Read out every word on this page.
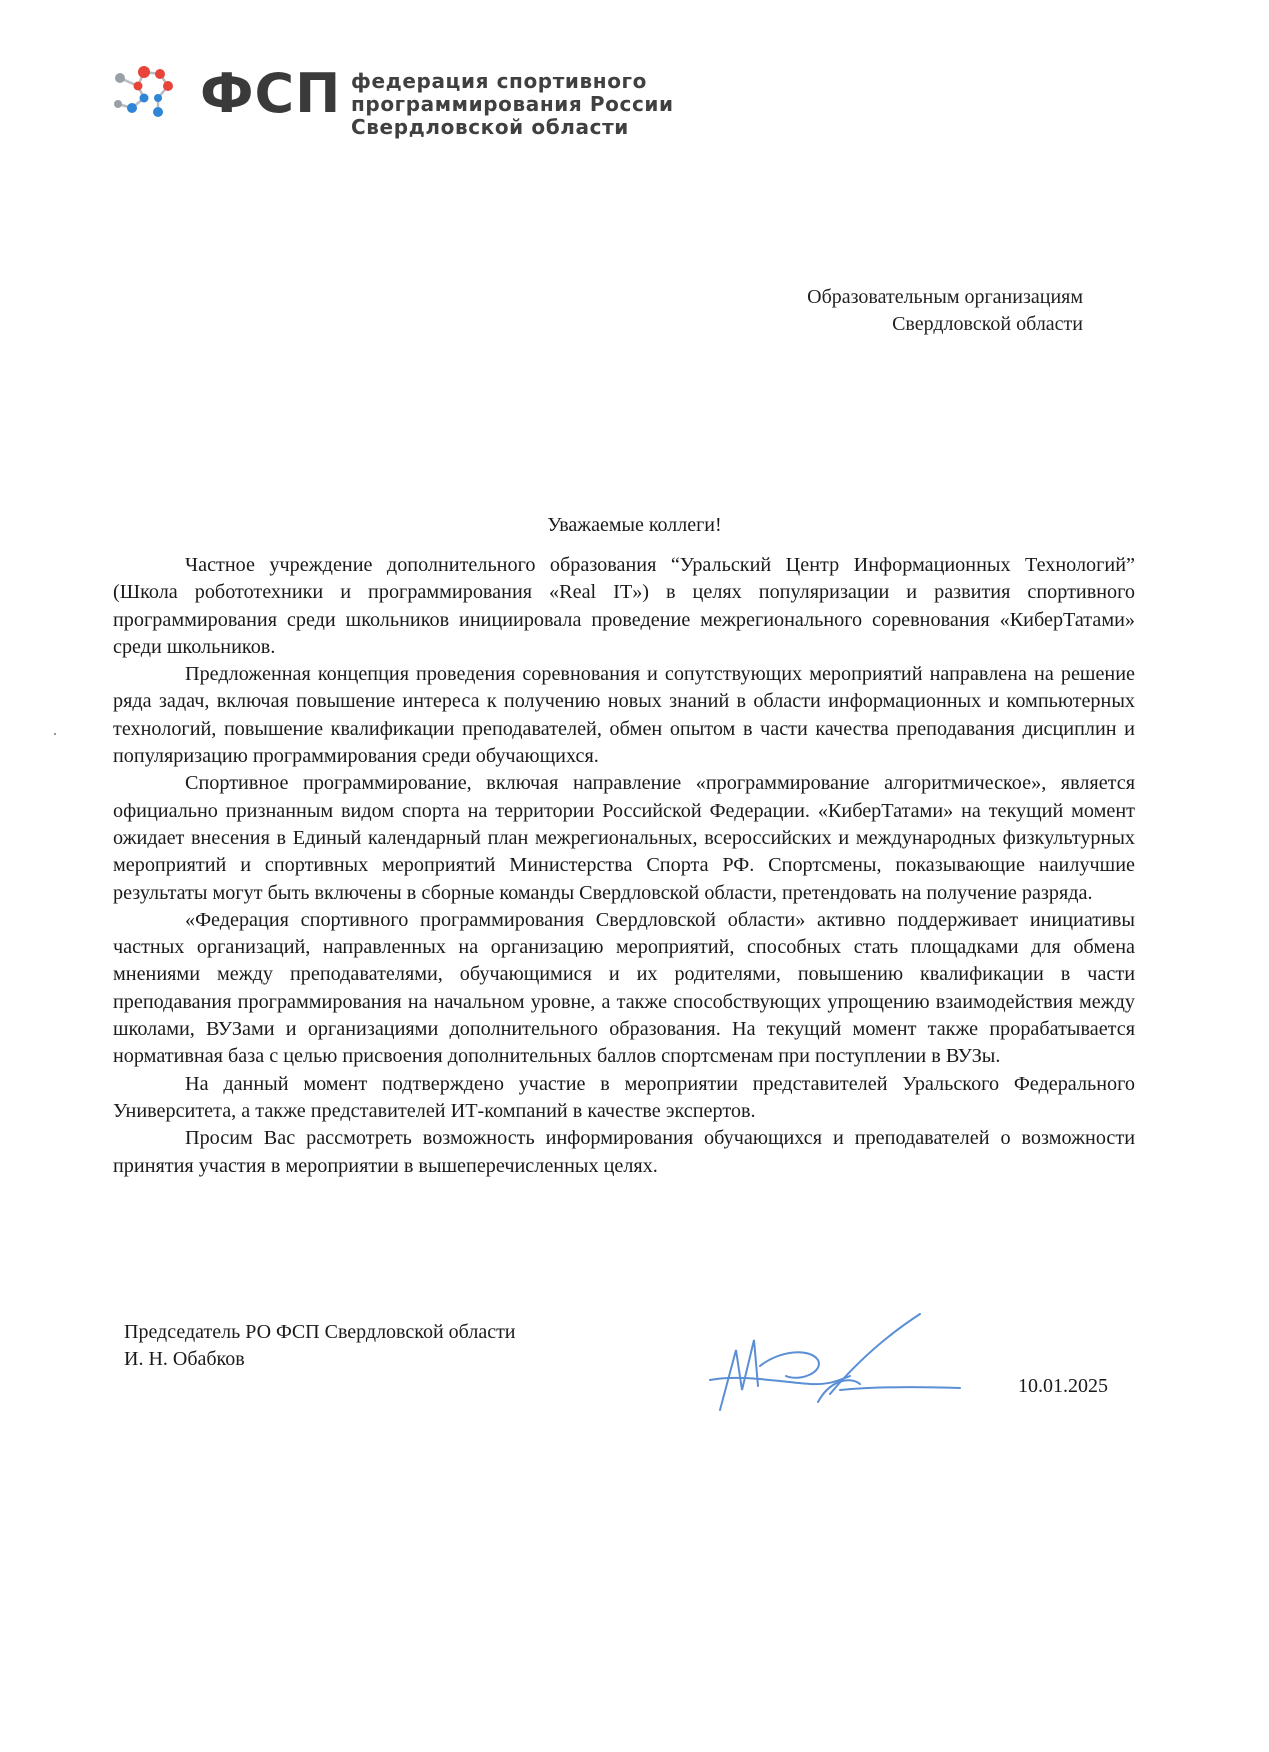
ФСП федерация спортивного
программирования России
Свердловской области
Образовательным организациям
Свердловской области
Уважаемые коллеги!

Частное учреждение дополнительного образования “Уральский Центр Информационных Технологий” (Школа робототехники и программирования «Real IT») в целях популяризации и развития спортивного программирования среди школьников инициировала проведение межрегионального соревнования «КиберТатами» среди школьников.

Предложенная концепция проведения соревнования и сопутствующих мероприятий направлена на решение ряда задач, включая повышение интереса к получению новых знаний в области информационных и компьютерных технологий, повышение квалификации преподавателей, обмен опытом в части качества преподавания дисциплин и популяризацию программирования среди обучающихся.

Спортивное программирование, включая направление «программирование алгоритмическое», является официально признанным видом спорта на территории Российской Федерации. «КиберТатами» на текущий момент ожидает внесения в Единый календарный план межрегиональных, всероссийских и международных физкультурных мероприятий и спортивных мероприятий Министерства Спорта РФ. Спортсмены, показывающие наилучшие результаты могут быть включены в сборные команды Свердловской области, претендовать на получение разряда.

«Федерация спортивного программирования Свердловской области» активно поддерживает инициативы частных организаций, направленных на организацию мероприятий, способных стать площадками для обмена мнениями между преподавателями, обучающимися и их родителями, повышению квалификации в части преподавания программирования на начальном уровне, а также способствующих упрощению взаимодействия между школами, ВУЗами и организациями дополнительного образования. На текущий момент также прорабатывается нормативная база с целью присвоения дополнительных баллов спортсменам при поступлении в ВУЗы.

На данный момент подтверждено участие в мероприятии представителей Уральского Федерального Университета, а также представителей ИТ-компаний в качестве экспертов.

Просим Вас рассмотреть возможность информирования обучающихся и преподавателей о возможности принятия участия в мероприятии в вышеперечисленных целях.

Председатель РО ФСП Свердловской области
И. Н. Обабков
10.01.2025
